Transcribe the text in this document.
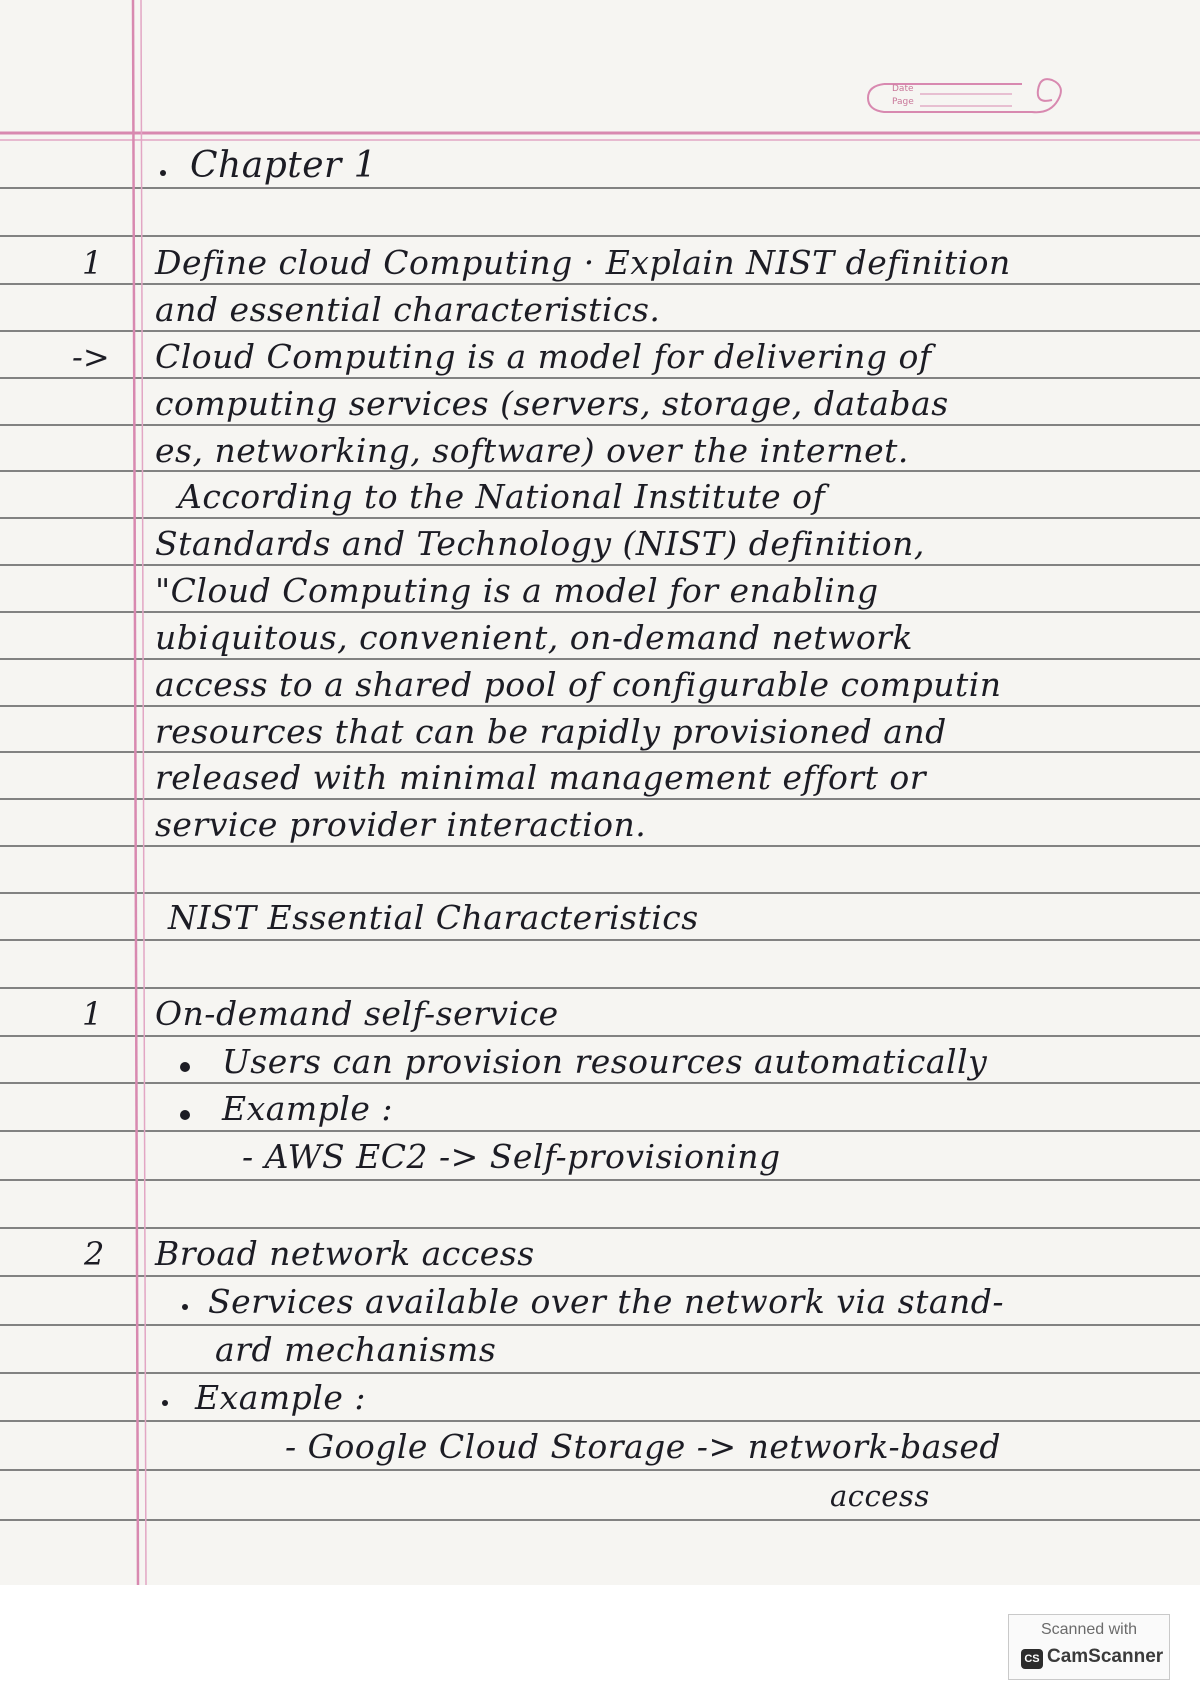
Date
Page

Chapter 1

1 Define cloud Computing · Explain NIST definition

and essential characteristics.

-> Cloud Computing is a model for delivering of

computing services (servers, storage, databas

es, networking, software) over the internet.

According to the National Institute of

Standards and Technology (NIST) definition,

"Cloud Computing is a model for enabling

ubiquitous, convenient, on-demand network

access to a shared pool of configurable computin

resources that can be rapidly provisioned and

released with minimal management effort or

service provider interaction.

NIST Essential Characteristics

1 On-demand self-service

Users can provision resources automatically

Example :

- AWS EC2 -> Self-provisioning

2 Broad network access

Services available over the network via stand-

ard mechanisms

Example :

- Google Cloud Storage -> network-based

access

Scanned with
CS CamScanner
